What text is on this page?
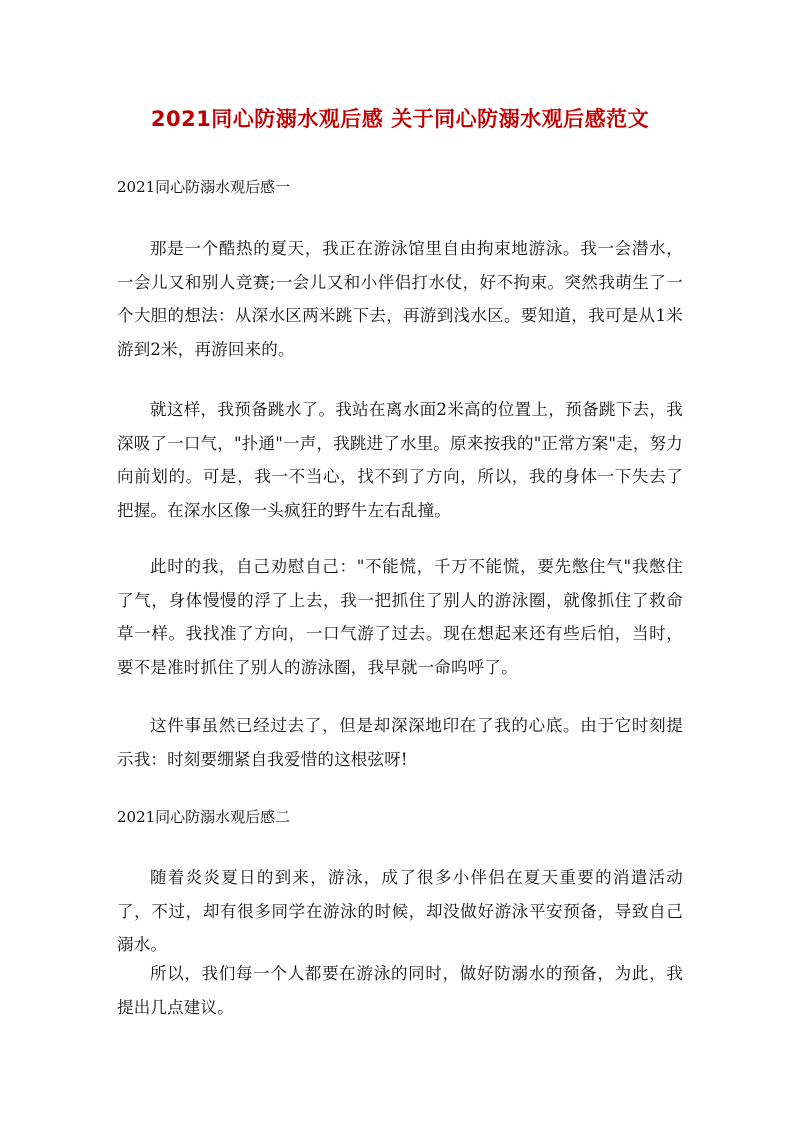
2021同心防溺水观后感 关于同心防溺水观后感范文
2021同心防溺水观后感一

那是一个酷热的夏天，我正在游泳馆里自由拘束地游泳。我一会潜水，一会儿又和别人竞赛;一会儿又和小伴侣打水仗，好不拘束。突然我萌生了一个大胆的想法：从深水区两米跳下去，再游到浅水区。要知道，我可是从1米游到2米，再游回来的。

就这样，我预备跳水了。我站在离水面2米高的位置上，预备跳下去，我深吸了一口气，"扑通"一声，我跳进了水里。原来按我的"正常方案"走，努力向前划的。可是，我一不当心，找不到了方向，所以，我的身体一下失去了把握。在深水区像一头疯狂的野牛左右乱撞。

此时的我，自己劝慰自己："不能慌，千万不能慌，要先憋住气"我憋住了气，身体慢慢的浮了上去，我一把抓住了别人的游泳圈，就像抓住了救命草一样。我找准了方向，一口气游了过去。现在想起来还有些后怕，当时，要不是准时抓住了别人的游泳圈，我早就一命呜呼了。

这件事虽然已经过去了，但是却深深地印在了我的心底。由于它时刻提示我：时刻要绷紧自我爱惜的这根弦呀!

2021同心防溺水观后感二

随着炎炎夏日的到来，游泳，成了很多小伴侣在夏天重要的消遣活动了，不过，却有很多同学在游泳的时候，却没做好游泳平安预备，导致自己溺水。

所以，我们每一个人都要在游泳的同时，做好防溺水的预备，为此，我提出几点建议。
